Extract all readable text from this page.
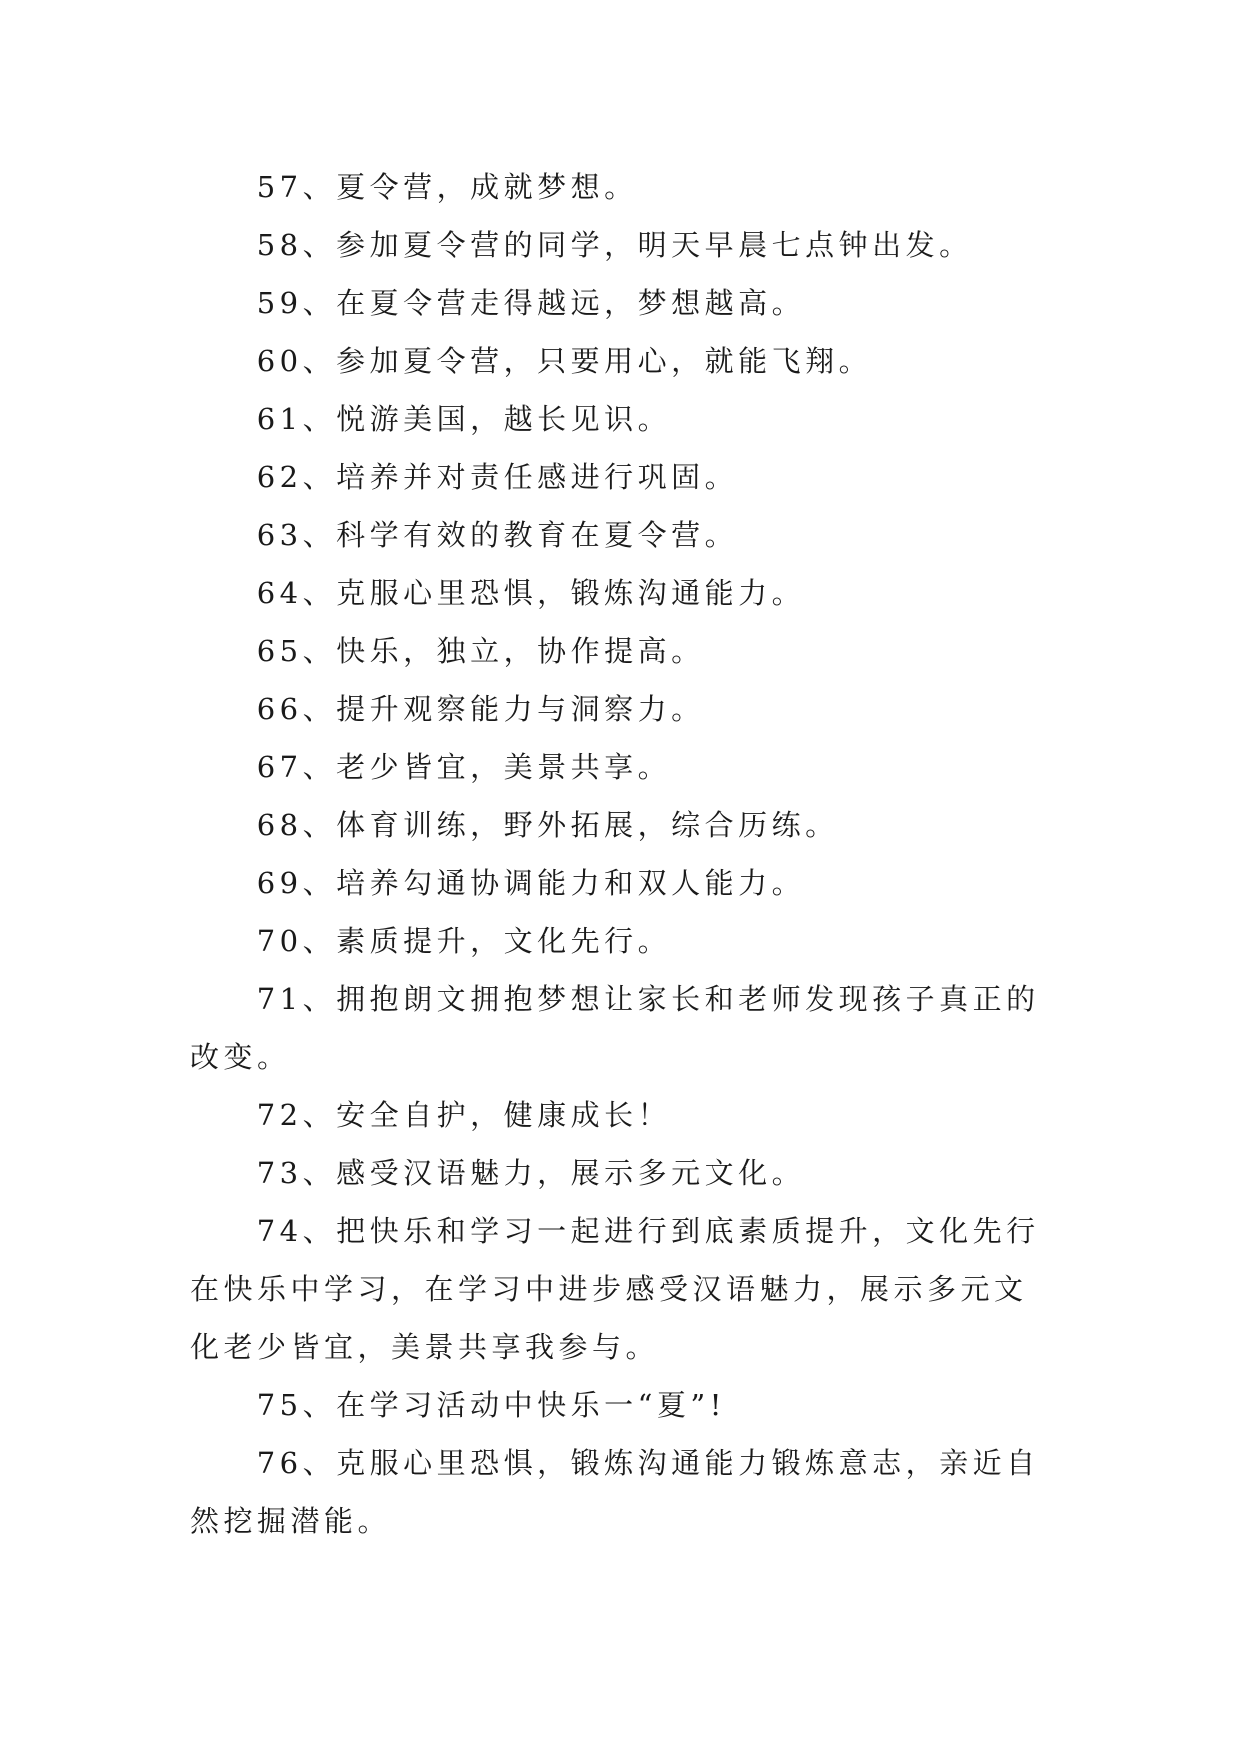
57、夏令营，成就梦想。

58、参加夏令营的同学，明天早晨七点钟出发。

59、在夏令营走得越远，梦想越高。

60、参加夏令营，只要用心，就能飞翔。

61、悦游美国，越长见识。

62、培养并对责任感进行巩固。

63、科学有效的教育在夏令营。

64、克服心里恐惧，锻炼沟通能力。

65、快乐，独立，协作提高。

66、提升观察能力与洞察力。

67、老少皆宜，美景共享。

68、体育训练，野外拓展，综合历练。

69、培养勾通协调能力和双人能力。

70、素质提升，文化先行。

71、拥抱朗文拥抱梦想让家长和老师发现孩子真正的改变。

72、安全自护，健康成长！

73、感受汉语魅力，展示多元文化。

74、把快乐和学习一起进行到底素质提升，文化先行在快乐中学习，在学习中进步感受汉语魅力，展示多元文化老少皆宜，美景共享我参与。

75、在学习活动中快乐一“夏”!

76、克服心里恐惧，锻炼沟通能力锻炼意志，亲近自然挖掘潜能。
